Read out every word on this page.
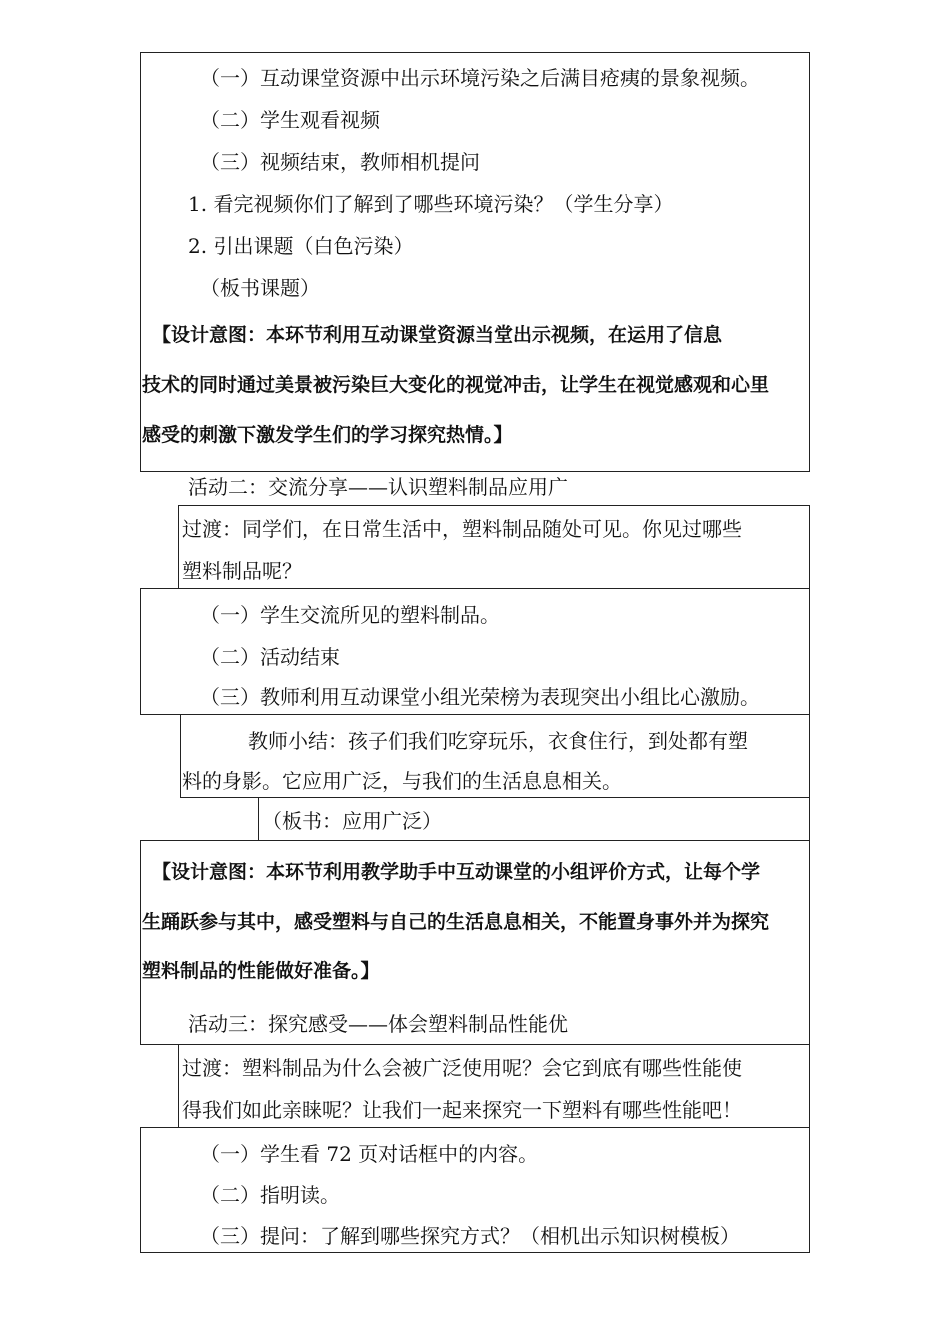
（一）互动课堂资源中出示环境污染之后满目疮痍的景象视频。
（二）学生观看视频
（三）视频结束，教师相机提问
1. 看完视频你们了解到了哪些环境污染？（学生分享）
2. 引出课题（白色污染）
（板书课题）
【设计意图：本环节利用互动课堂资源当堂出示视频，在运用了信息
技术的同时通过美景被污染巨大变化的视觉冲击，让学生在视觉感观和心里
感受的刺激下激发学生们的学习探究热情。】
活动二：交流分享——认识塑料制品应用广
过渡：同学们，在日常生活中，塑料制品随处可见。你见过哪些
塑料制品呢？
（一）学生交流所见的塑料制品。
（二）活动结束
（三）教师利用互动课堂小组光荣榜为表现突出小组比心激励。
教师小结：孩子们我们吃穿玩乐，衣食住行，到处都有塑
料的身影。它应用广泛，与我们的生活息息相关。
（板书：应用广泛）
【设计意图：本环节利用教学助手中互动课堂的小组评价方式，让每个学
生踊跃参与其中，感受塑料与自己的生活息息相关，不能置身事外并为探究
塑料制品的性能做好准备。】
活动三：探究感受——体会塑料制品性能优
过渡：塑料制品为什么会被广泛使用呢？会它到底有哪些性能使
得我们如此亲睐呢？让我们一起来探究一下塑料有哪些性能吧！
（一）学生看 72 页对话框中的内容。
（二）指明读。
（三）提问：了解到哪些探究方式？（相机出示知识树模板）
